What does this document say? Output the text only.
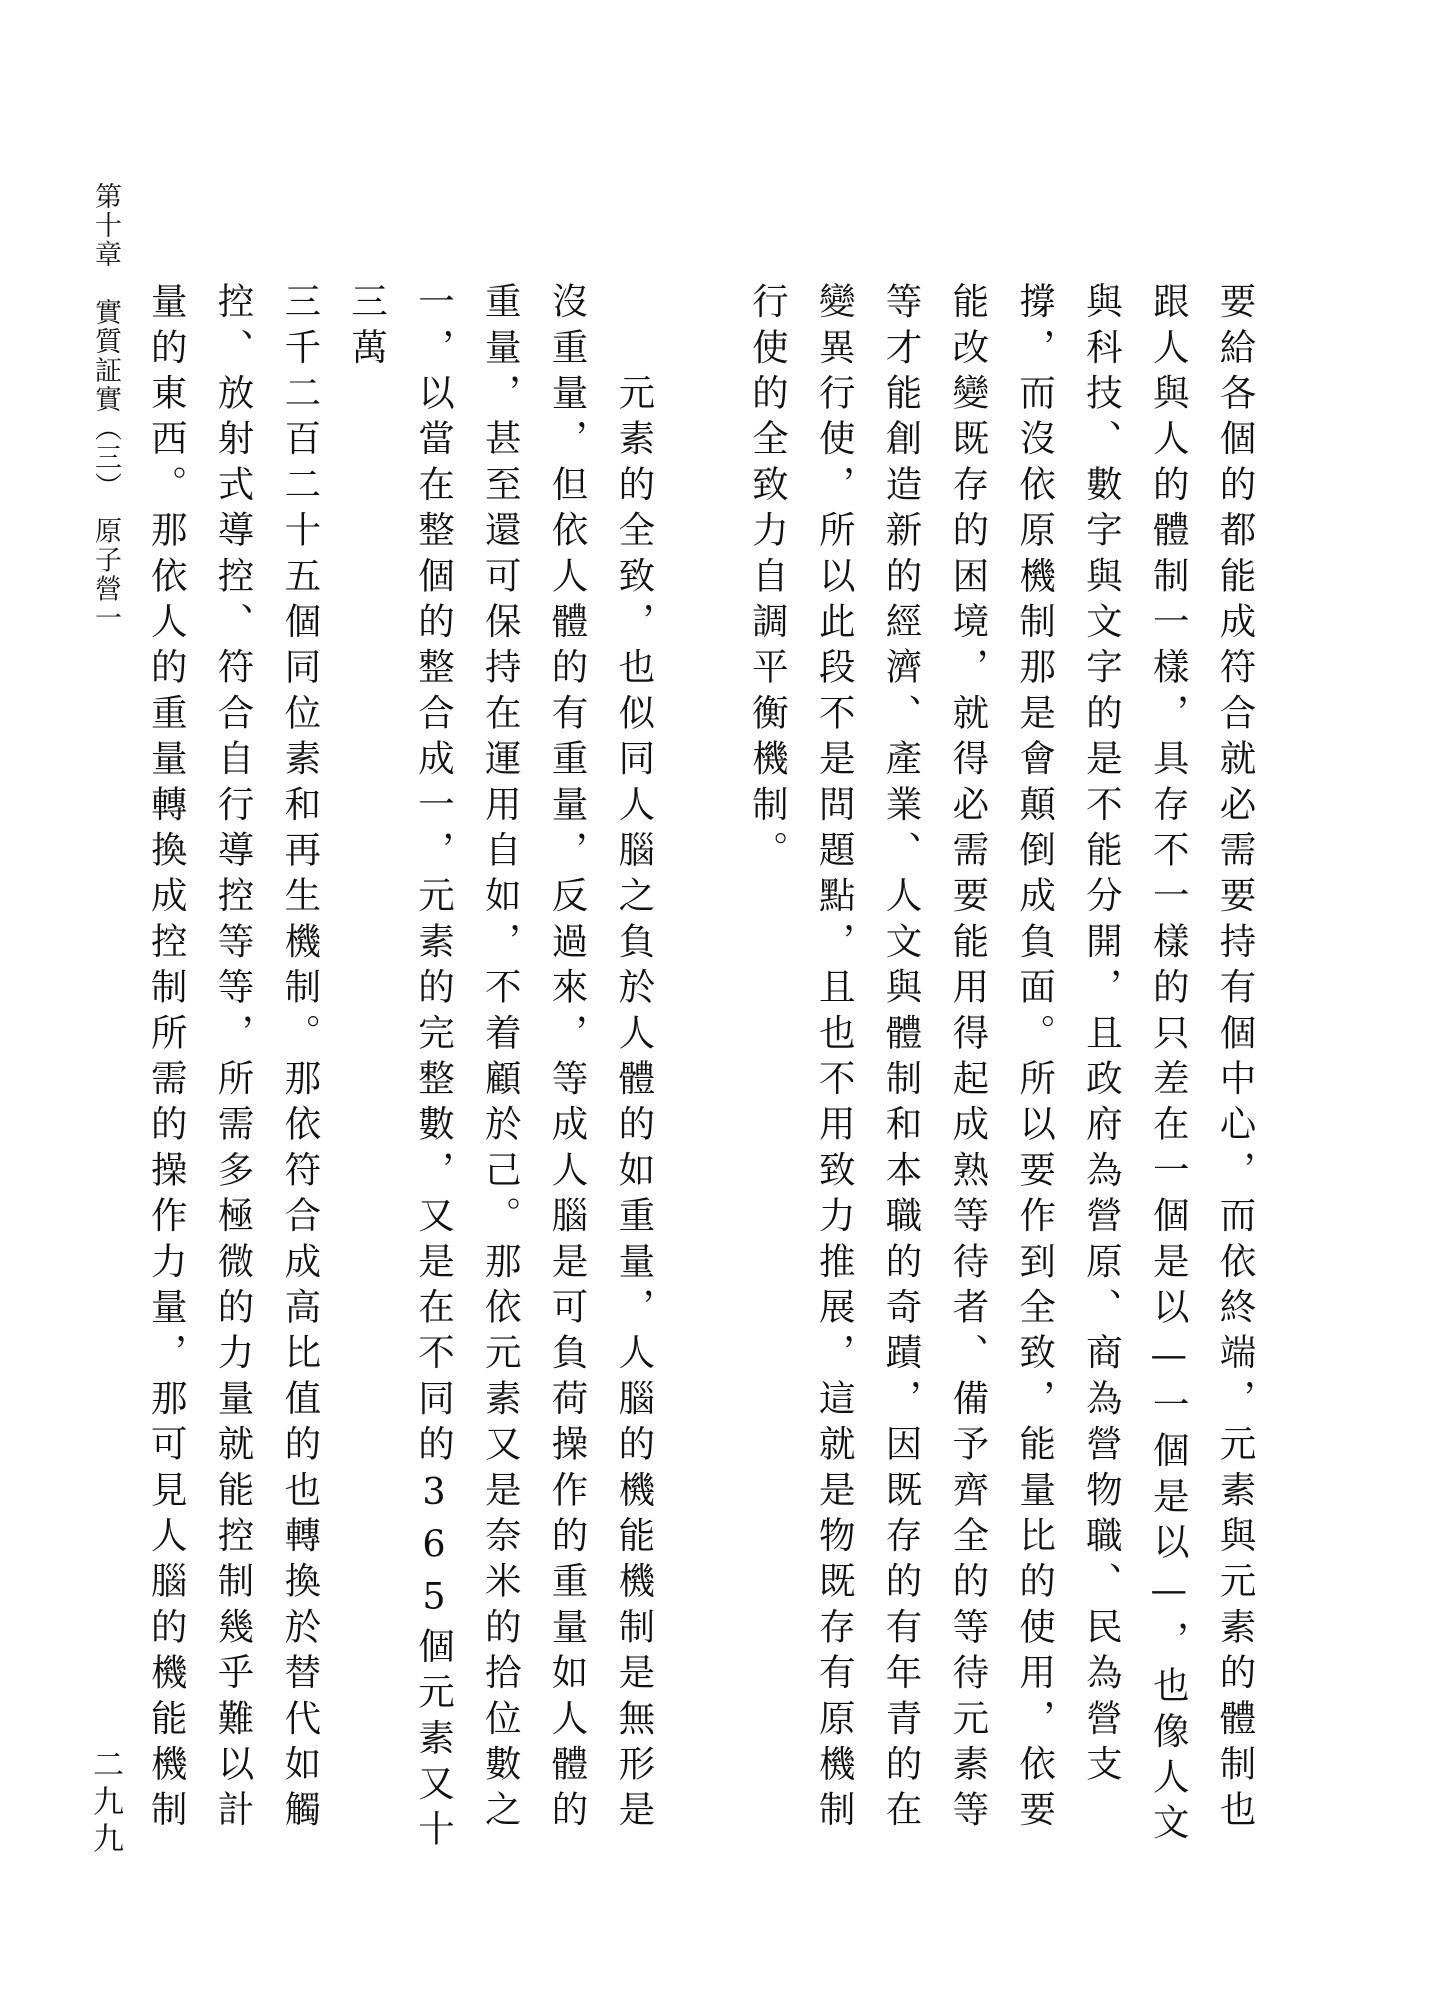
要給各個的都能成符合就必需要持有個中心，而依終端，元素與元素的體制也
跟人與人的體制一樣，具存不一樣的只差在一個是以—一個是以—，也像人文
與科技、數字與文字的是不能分開，且政府為營原、商為營物職、民為營支
撐，而沒依原機制那是會顛倒成負面。所以要作到全致，能量比的使用，依要
能改變既存的困境，就得必需要能用得起成熟等待者、備予齊全的等待元素等
等才能創造新的經濟、產業、人文與體制和本職的奇蹟，因既存的有年青的在
變異行使，所以此段不是問題點，且也不用致力推展，這就是物既存有原機制
行使的全致力自調平衡機制。

　　元素的全致，也似同人腦之負於人體的如重量，人腦的機能機制是無形是
沒重量，但依人體的有重量，反過來，等成人腦是可負荷操作的重量如人體的
重量，甚至還可保持在運用自如，不着顧於己。那依元素又是奈米的拾位數之
一，以當在整個的整合成一，元素的完整數，又是在不同的365個元素又十三萬
三千二百二十五個同位素和再生機制。那依符合成高比值的也轉換於替代如觸
控、放射式導控、符合自行導控等等，所需多極微的力量就能控制幾乎難以計
量的東西。那依人的重量轉換成控制所需的操作力量，那可見人腦的機能機制
第十章　實質証實（三）　原子營一
二九九
